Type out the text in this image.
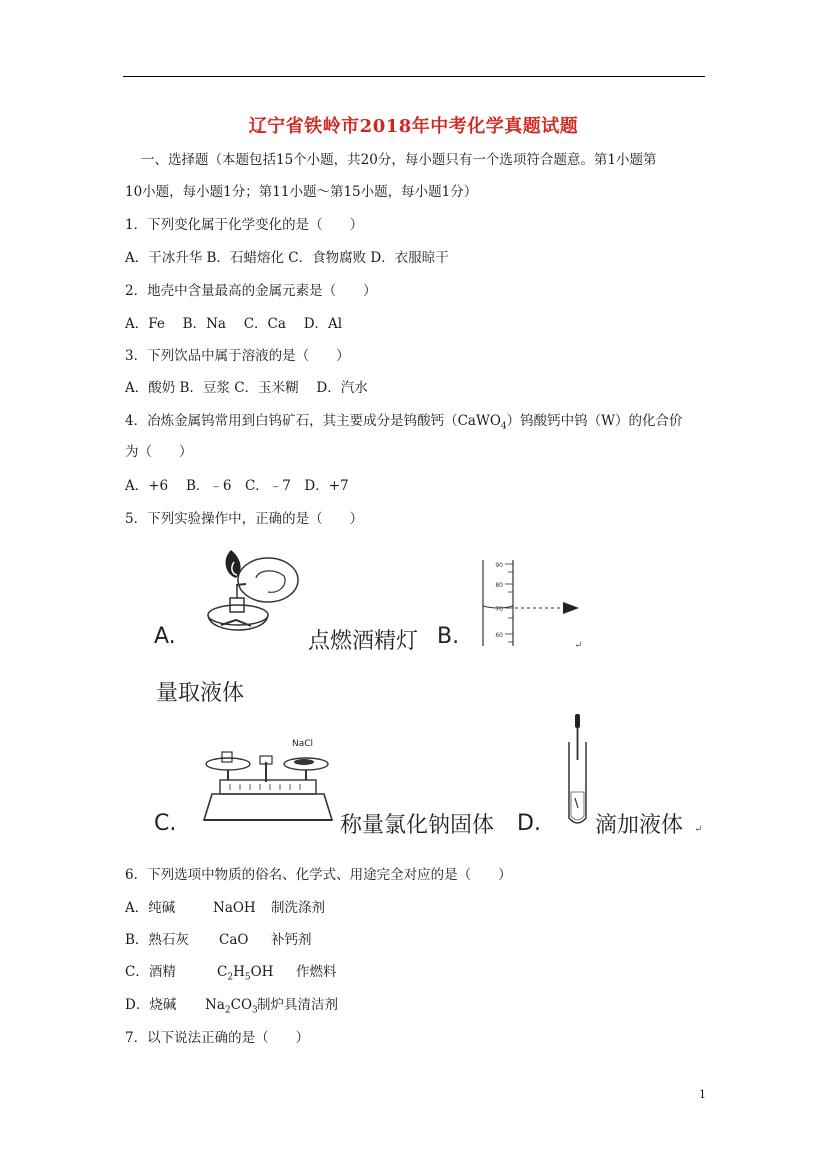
辽宁省铁岭市2018年中考化学真题试题
一、选择题（本题包括15个小题，共20分，每小题只有一个选项符合题意。第1小题第
10小题，每小题1分；第11小题～第15小题，每小题1分）
1．下列变化属于化学变化的是（　　）
A．干冰升华 B．石蜡熔化 C．食物腐败 D．衣服晾干
2．地壳中含量最高的金属元素是（　　）
A．Fe　 B．Na　 C．Ca　 D．Al
3．下列饮品中属于溶液的是（　　）
A．酸奶 B．豆浆 C．玉米糊　 D．汽水
4．冶炼金属钨常用到白钨矿石，其主要成分是钨酸钙（CaWO$_4$）钨酸钙中钨（W）的化合价
为（　　）
A．+6　 B．﹣6　C．﹣7　D．+7
5．下列实验操作中，正确的是（　　）
90
80
70
60
A.	点燃酒精灯 B.	↵
量取液体
NaCl
C.	称量氯化钠固体 D. 滴加液体 ↵
6．下列选项中物质的俗名、化学式、用途完全对应的是（　　）
A．纯碱	NaOH 制洗涤剂
B．熟石灰 CaO 补钙剂
C．酒精	$C_2H_5OH$ 作燃料
D．烧碱 $Na_2CO_3$制炉具清洁剂
7．以下说法正确的是（　　）
1
